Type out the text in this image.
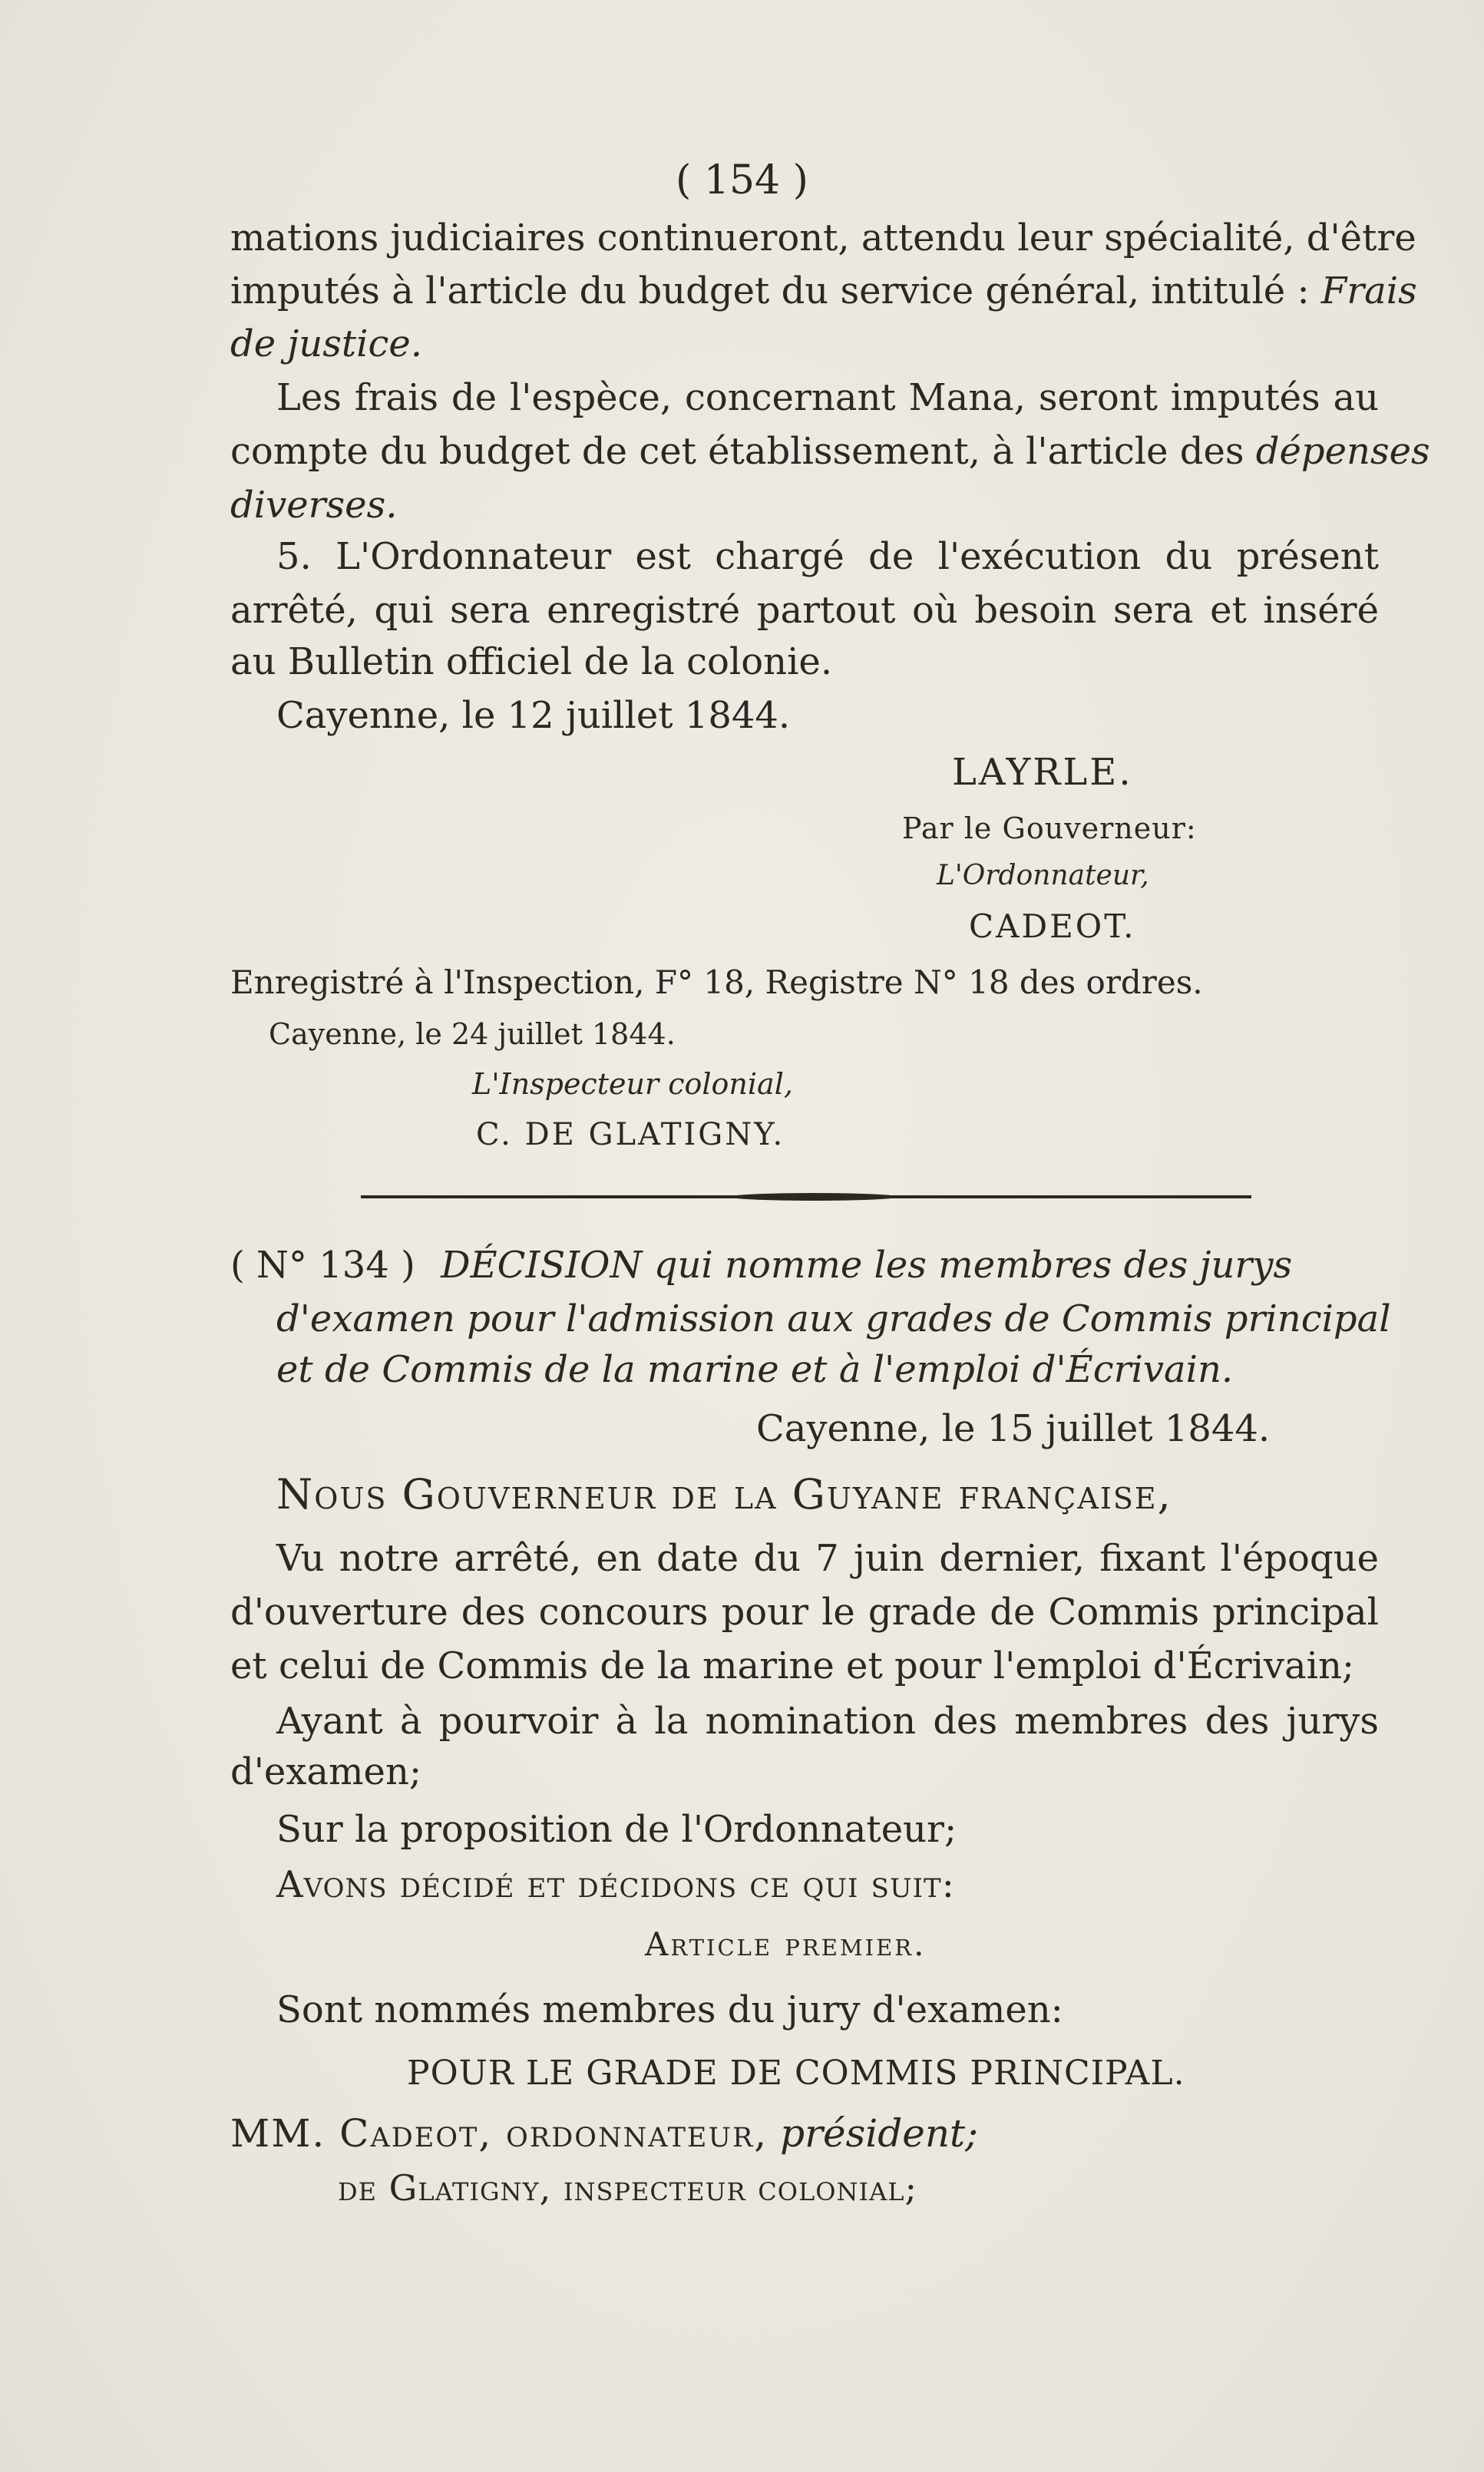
( 154 )
mations judiciaires continueront, attendu leur spécialité, d'être
imputés à l'article du budget du service général, intitulé : Frais
de justice.
Les frais de l'espèce, concernant Mana, seront imputés au
compte du budget de cet établissement, à l'article des dépenses
diverses.
5. L'Ordonnateur est chargé de l'exécution du présent
arrêté, qui sera enregistré partout où besoin sera et inséré
au Bulletin officiel de la colonie.
Cayenne, le 12 juillet 1844.
LAYRLE.
Par le Gouverneur:
L'Ordonnateur,
CADEOT.
Enregistré à l'Inspection, F° 18, Registre N° 18 des ordres.
Cayenne, le 24 juillet 1844.
L'Inspecteur colonial,
C. DE GLATIGNY.
( N° 134 ) DÉCISION qui nomme les membres des jurys
d'examen pour l'admission aux grades de Commis principal
et de Commis de la marine et à l'emploi d'Écrivain.
Cayenne, le 15 juillet 1844.
Nous Gouverneur de la Guyane française,
Vu notre arrêté, en date du 7 juin dernier, fixant l'époque
d'ouverture des concours pour le grade de Commis principal
et celui de Commis de la marine et pour l'emploi d'Écrivain;
Ayant à pourvoir à la nomination des membres des jurys
d'examen;
Sur la proposition de l'Ordonnateur;
Avons décidé et décidons ce qui suit:
Article premier.
Sont nommés membres du jury d'examen:
POUR LE GRADE DE COMMIS PRINCIPAL.
MM. Cadeot, ordonnateur, président;
de Glatigny, inspecteur colonial;
